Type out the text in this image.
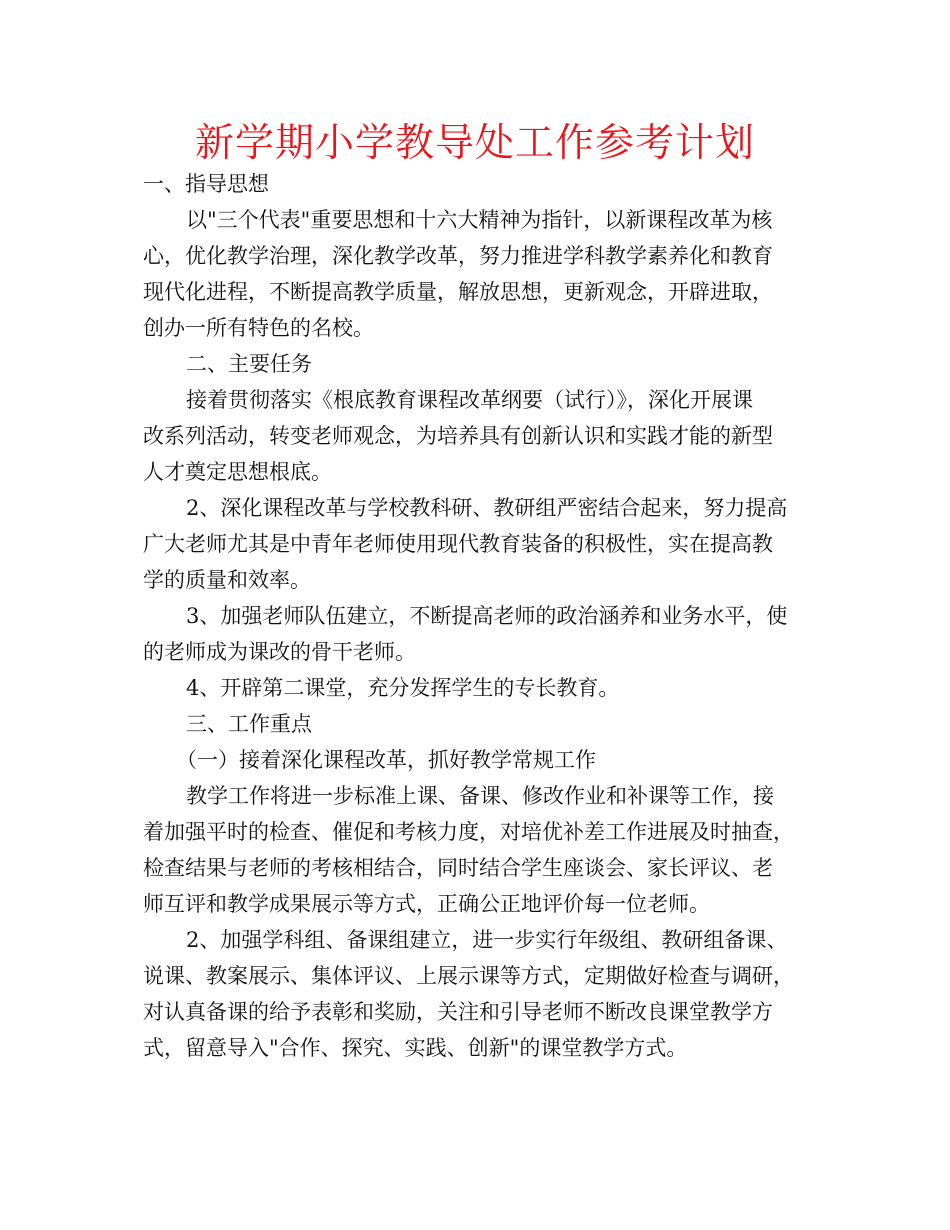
新学期小学教导处工作参考计划
一、指导思想
以"三个代表"重要思想和十六大精神为指针，以新课程改革为核
心，优化教学治理，深化教学改革，努力推进学科教学素养化和教育
现代化进程，不断提高教学质量，解放思想，更新观念，开辟进取，
创办一所有特色的名校。
二、主要任务
接着贯彻落实《根底教育课程改革纲要（试行）》，深化开展课
改系列活动，转变老师观念，为培养具有创新认识和实践才能的新型
人才奠定思想根底。
2、深化课程改革与学校教科研、教研组严密结合起来，努力提高
广大老师尤其是中青年老师使用现代教育装备的积极性，实在提高教
学的质量和效率。
3、加强老师队伍建立，不断提高老师的政治涵养和业务水平，使
的老师成为课改的骨干老师。
4、开辟第二课堂，充分发挥学生的专长教育。
三、工作重点
（一）接着深化课程改革，抓好教学常规工作
教学工作将进一步标准上课、备课、修改作业和补课等工作，接
着加强平时的检查、催促和考核力度，对培优补差工作进展及时抽查，
检查结果与老师的考核相结合，同时结合学生座谈会、家长评议、老
师互评和教学成果展示等方式，正确公正地评价每一位老师。
2、加强学科组、备课组建立，进一步实行年级组、教研组备课、
说课、教案展示、集体评议、上展示课等方式，定期做好检查与调研，
对认真备课的给予表彰和奖励，关注和引导老师不断改良课堂教学方
式，留意导入"合作、探究、实践、创新"的课堂教学方式。
